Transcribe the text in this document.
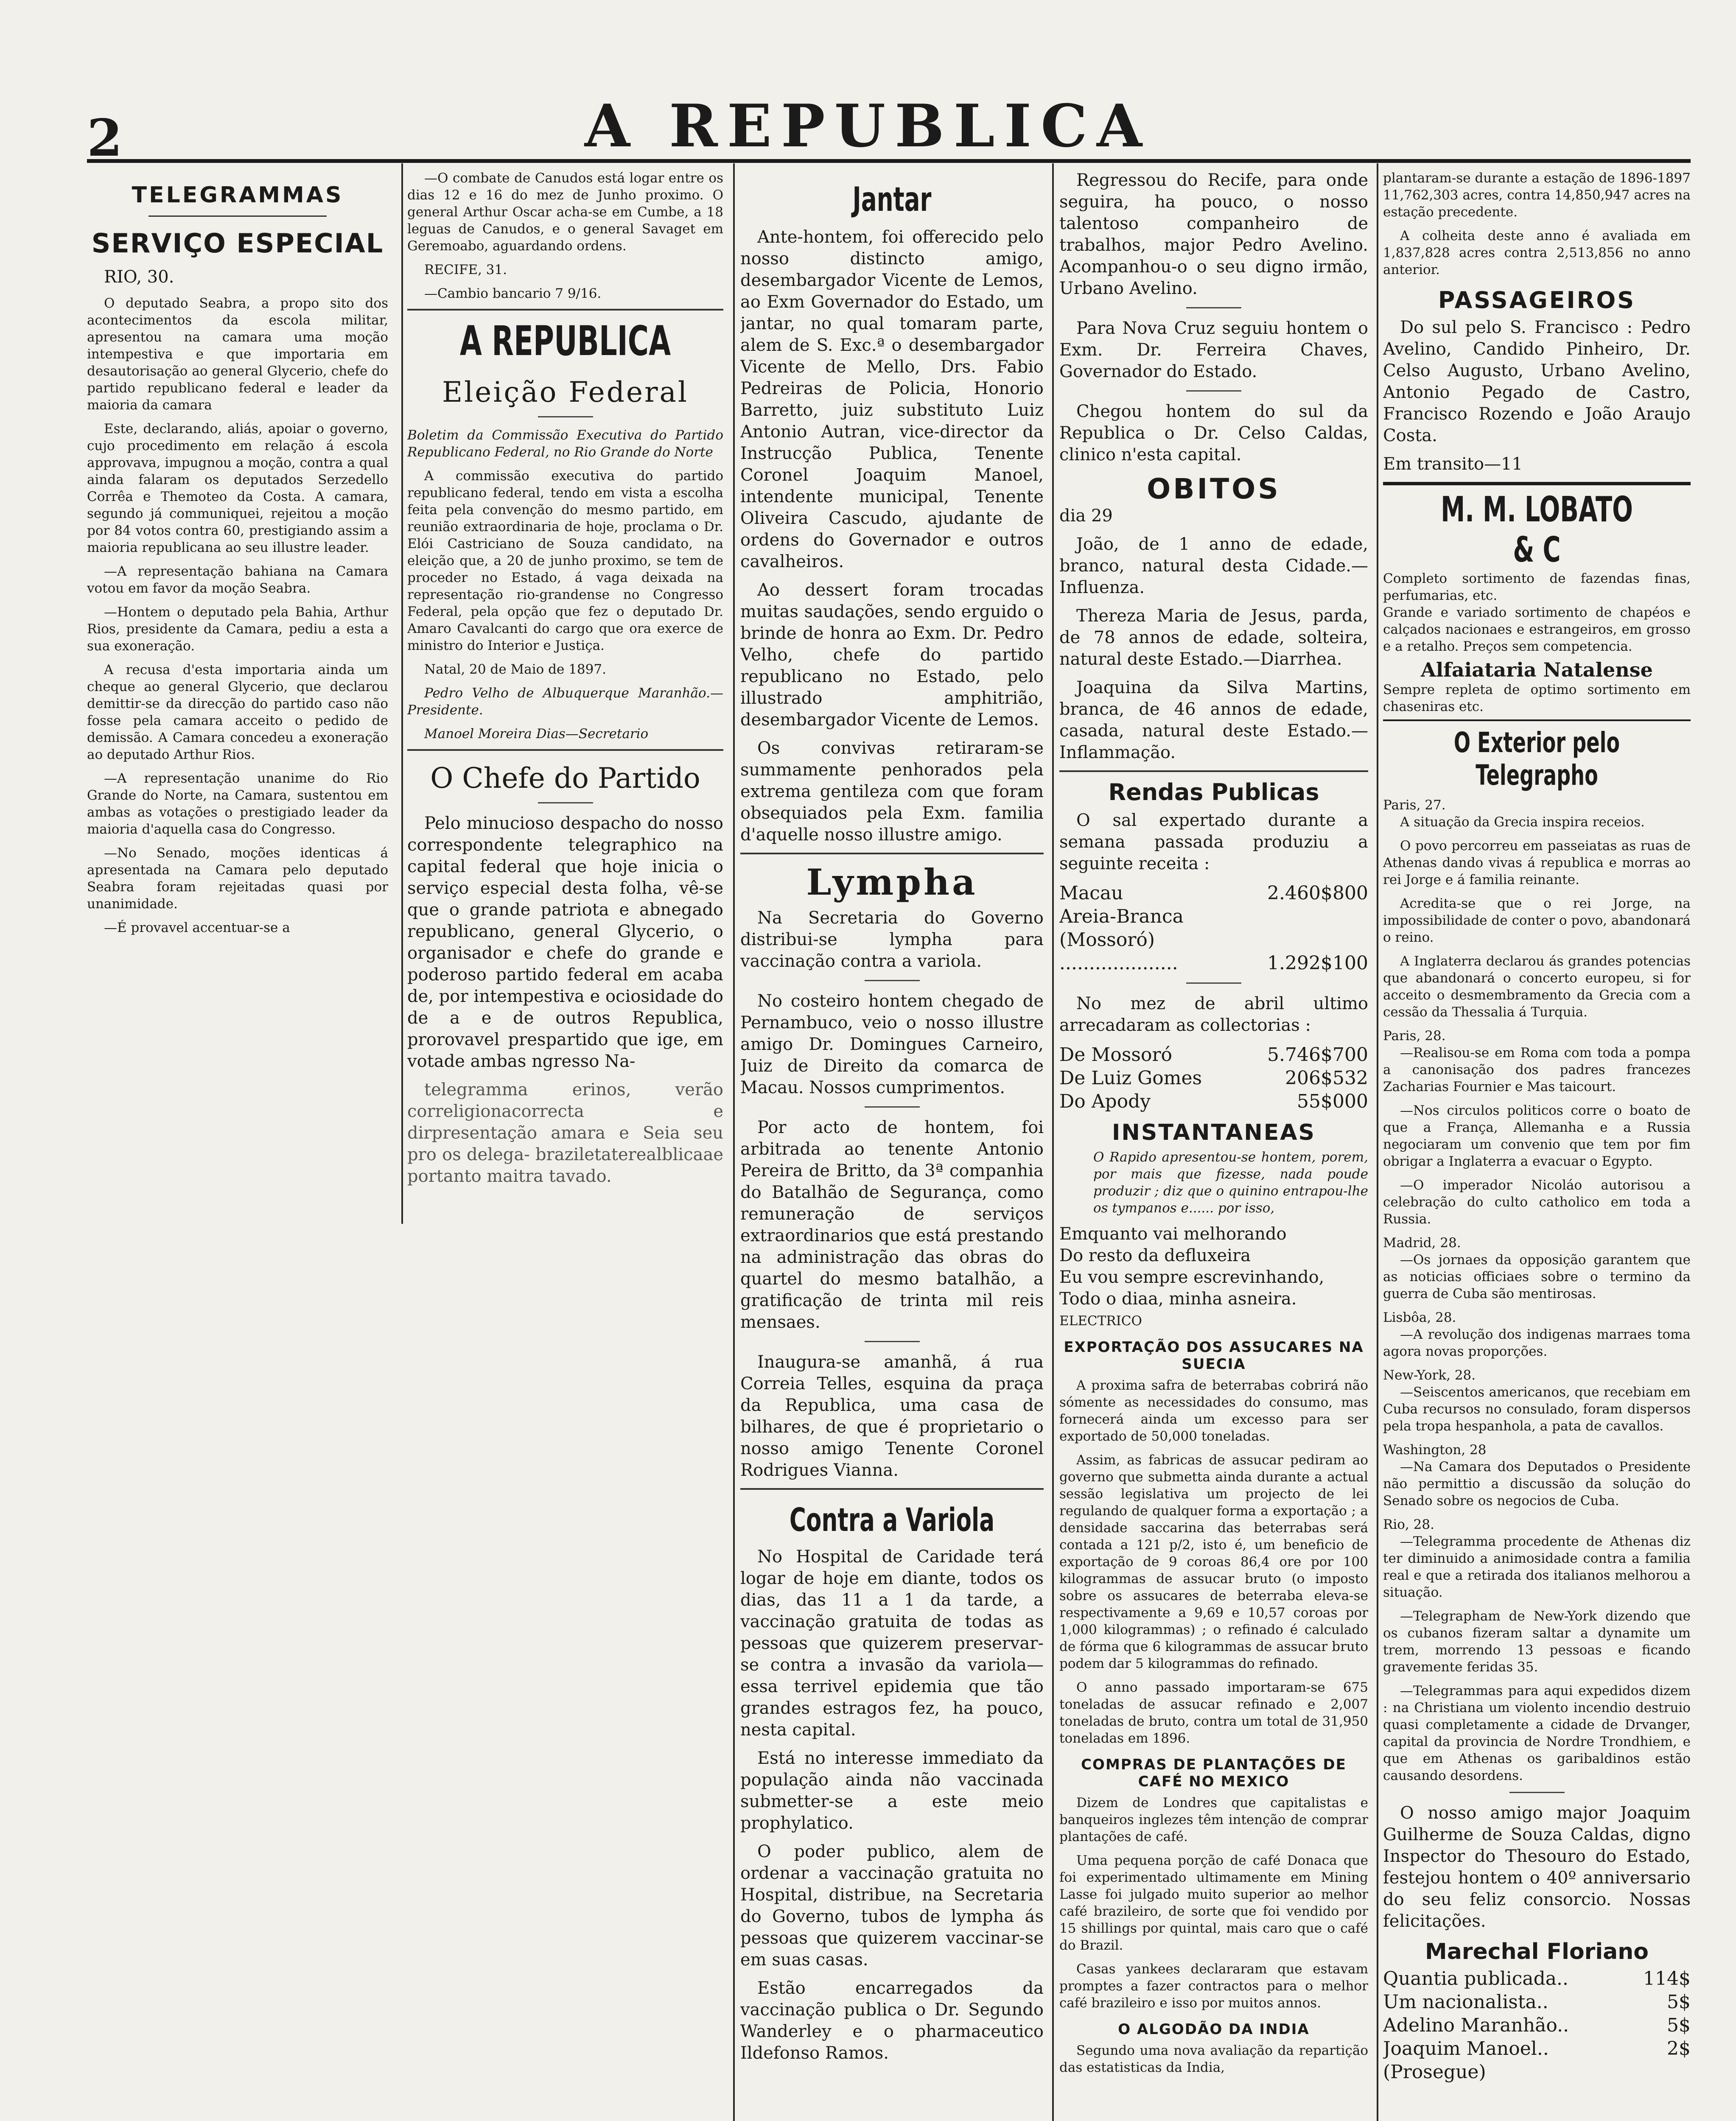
2	A REPUBLICA
TELEGRAMMAS
SERVIÇO ESPECIAL

RIO, 30.

O deputado Seabra, a propo sito dos acontecimentos da escola militar, apresentou na camara uma moção intempestiva e que importaria em desautorisação ao general Glycerio, chefe do partido republicano federal e leader da maioria da camara

Este, declarando, aliás, apoiar o governo, cujo procedimento em relação á escola approvava, impugnou a moção, contra a qual ainda falaram os deputados Serzedello Corrêa e Themoteo da Costa. A camara, segundo já communiquei, rejeitou a moção por 84 votos contra 60, prestigiando assim a maioria republicana ao seu illustre leader.

—A representação bahiana na Camara votou em favor da moção Seabra.

—Hontem o deputado pela Bahia, Arthur Rios, presidente da Camara, pediu a esta a sua exoneração.

A recusa d'esta importaria ainda um cheque ao general Glycerio, que declarou demittir-se da direcção do partido caso não fosse pela camara acceito o pedido de demissão. A Camara concedeu a exoneração ao deputado Arthur Rios.

—A representação unanime do Rio Grande do Norte, na Camara, sustentou em ambas as votações o prestigiado leader da maioria d'aquella casa do Congresso.

—No Senado, moções identicas á apresentada na Camara pelo deputado Seabra foram rejeitadas quasi por unanimidade.

—É provavel accentuar-se a

—O combate de Canudos está logar entre os dias 12 e 16 do mez de Junho proximo. O general Arthur Oscar acha-se em Cumbe, a 18 leguas de Canudos, e o general Savaget em Geremoabo, aguardando ordens.

RECIFE, 31.

—Cambio bancario 7 9/16.

A REPUBLICA
Eleição Federal

Boletim da Commissão Executiva do Partido Republicano Federal, no Rio Grande do Norte

A commissão executiva do partido republicano federal, tendo em vista a escolha feita pela convenção do mesmo partido, em reunião extraordinaria de hoje, proclama o Dr. Elói Castriciano de Souza candidato, na eleição que, a 20 de junho proximo, se tem de proceder no Estado, á vaga deixada na representação rio-grandense no Congresso Federal, pela opção que fez o deputado Dr. Amaro Cavalcanti do cargo que ora exerce de ministro do Interior e Justiça.

Natal, 20 de Maio de 1897.

Pedro Velho de Albuquerque Maranhão.—Presidente.

Manoel Moreira Dias—Secretario

O Chefe do Partido

Pelo minucioso despacho do nosso correspondente telegraphico na capital federal que hoje inicia o serviço especial desta folha, vê-se que o grande patriota e abnegado republicano, general Glycerio, o organisador e chefe do grande e poderoso partido federal em acaba de, por intempestiva e ociosidade do de a e de outros Republica, prorovavel prespartido que ige, em votade ambas ngresso Na-

telegramma erinos, verão correligionacorrecta e dirpresentação amara e Seia seu pro os delega- braziletaterealblicaae portanto maitra tavado.

Jantar

Ante-hontem, foi offerecido pelo nosso distincto amigo, desembargador Vicente de Lemos, ao Exm Governador do Estado, um jantar, no qual tomaram parte, alem de S. Exc.ª o desembargador Vicente de Mello, Drs. Fabio Pedreiras de Policia, Honorio Barretto, juiz substituto Luiz Antonio Autran, vice-director da Instrucção Publica, Tenente Coronel Joaquim Manoel, intendente municipal, Tenente Oliveira Cascudo, ajudante de ordens do Governador e outros cavalheiros.

Ao dessert foram trocadas muitas saudações, sendo erguido o brinde de honra ao Exm. Dr. Pedro Velho, chefe do partido republicano no Estado, pelo illustrado amphitrião, desembargador Vicente de Lemos.

Os convivas retiraram-se summamente penhorados pela extrema gentileza com que foram obsequiados pela Exm. familia d'aquelle nosso illustre amigo.

Lympha

Na Secretaria do Governo distribui-se lympha para vaccinação contra a variola.

No costeiro hontem chegado de Pernambuco, veio o nosso illustre amigo Dr. Domingues Carneiro, Juiz de Direito da comarca de Macau. Nossos cumprimentos.

Por acto de hontem, foi arbitrada ao tenente Antonio Pereira de Britto, da 3ª companhia do Batalhão de Segurança, como remuneração de serviços extraordinarios que está prestando na administração das obras do quartel do mesmo batalhão, a gratificação de trinta mil reis mensaes.

Inaugura-se amanhã, á rua Correia Telles, esquina da praça da Republica, uma casa de bilhares, de que é proprietario o nosso amigo Tenente Coronel Rodrigues Vianna.

Contra a Variola

No Hospital de Caridade terá logar de hoje em diante, todos os dias, das 11 a 1 da tarde, a vaccinação gratuita de todas as pessoas que quizerem preservar-se contra a invasão da variola—essa terrivel epidemia que tão grandes estragos fez, ha pouco, nesta capital.

Está no interesse immediato da população ainda não vaccinada submetter-se a este meio prophylatico.

O poder publico, alem de ordenar a vaccinação gratuita no Hospital, distribue, na Secretaria do Governo, tubos de lympha ás pessoas que quizerem vaccinar-se em suas casas.

Estão encarregados da vaccinação publica o Dr. Segundo Wanderley e o pharmaceutico Ildefonso Ramos.

Regressou do Recife, para onde seguira, ha pouco, o nosso talentoso companheiro de trabalhos, major Pedro Avelino. Acompanhou-o o seu digno irmão, Urbano Avelino.

Para Nova Cruz seguiu hontem o Exm. Dr. Ferreira Chaves, Governador do Estado.

Chegou hontem do sul da Republica o Dr. Celso Caldas, clinico n'esta capital.

OBITOS

dia 29

João, de 1 anno de edade, branco, natural desta Cidade.—Influenza.

Thereza Maria de Jesus, parda, de 78 annos de edade, solteira, natural deste Estado.—Diarrhea.

Joaquina da Silva Martins, branca, de 46 annos de edade, casada, natural deste Estado.—Inflammação.

Rendas Publicas

O sal expertado durante a semana passada produziu a seguinte receita :

Macau	2.460$800
Areia-Branca (Mossoró)	
....................	1.292$100

No mez de abril ultimo arrecadaram as collectorias :

De Mossoró	5.746$700
De Luiz Gomes	206$532
Do Apody	55$000
INSTANTANEAS

O Rapido apresentou-se hontem, porem, por mais que fizesse, nada poude produzir ; diz que o quinino entrapou-lhe os tympanos e...... por isso,

Emquanto vai melhorando

Do resto da defluxeira

Eu vou sempre escrevinhando,

Todo o diaa, minha asneira.

ELECTRICO

EXPORTAÇÃO DOS ASSUCARES NA SUECIA

A proxima safra de beterrabas cobrirá não sómente as necessidades do consumo, mas fornecerá ainda um excesso para ser exportado de 50,000 toneladas.

Assim, as fabricas de assucar pediram ao governo que submetta ainda durante a actual sessão legislativa um projecto de lei regulando de qualquer forma a exportação ; a densidade saccarina das beterrabas será contada a 121 p/2, isto é, um beneficio de exportação de 9 coroas 86,4 ore por 100 kilogrammas de assucar bruto (o imposto sobre os assucares de beterraba eleva-se respectivamente a 9,69 e 10,57 coroas por 1,000 kilogrammas) ; o refinado é calculado de fórma que 6 kilogrammas de assucar bruto podem dar 5 kilogrammas do refinado.

O anno passado importaram-se 675 toneladas de assucar refinado e 2,007 toneladas de bruto, contra um total de 31,950 toneladas em 1896.

COMPRAS DE PLANTAÇÕES DE CAFÉ NO MEXICO

Dizem de Londres que capitalistas e banqueiros inglezes têm intenção de comprar plantações de café.

Uma pequena porção de café Donaca que foi experimentado ultimamente em Mining Lasse foi julgado muito superior ao melhor café brazileiro, de sorte que foi vendido por 15 shillings por quintal, mais caro que o café do Brazil.

Casas yankees declararam que estavam promptes a fazer contractos para o melhor café brazileiro e isso por muitos annos.

O ALGODÃO DA INDIA

Segundo uma nova avaliação da repartição das estatisticas da India,

plantaram-se durante a estação de 1896-1897 11,762,303 acres, contra 14,850,947 acres na estação precedente.

A colheita deste anno é avaliada em 1,837,828 acres contra 2,513,856 no anno anterior.

PASSAGEIROS

Do sul pelo S. Francisco : Pedro Avelino, Candido Pinheiro, Dr. Celso Augusto, Urbano Avelino, Antonio Pegado de Castro, Francisco Rozendo e João Araujo Costa.

Em transito—11

M. M. LOBATO & C

Completo sortimento de fazendas finas, perfumarias, etc.

Grande e variado sortimento de chapéos e calçados nacionaes e estrangeiros, em grosso e a retalho. Preços sem competencia.

Alfaiataria Natalense

Sempre repleta de optimo sortimento em chaseniras etc.

O Exterior pelo Telegrapho

Paris, 27.

A situação da Grecia inspira receios.

O povo percorreu em passeiatas as ruas de Athenas dando vivas á republica e morras ao rei Jorge e á familia reinante.

Acredita-se que o rei Jorge, na impossibilidade de conter o povo, abandonará o reino.

A Inglaterra declarou ás grandes potencias que abandonará o concerto europeu, si for acceito o desmembramento da Grecia com a cessão da Thessalia á Turquia.

Paris, 28.

—Realisou-se em Roma com toda a pompa a canonisação dos padres francezes Zacharias Fournier e Mas taicourt.

—Nos circulos politicos corre o boato de que a França, Allemanha e a Russia negociaram um convenio que tem por fim obrigar a Inglaterra a evacuar o Egypto.

—O imperador Nicoláo autorisou a celebração do culto catholico em toda a Russia.

Madrid, 28.

—Os jornaes da opposição garantem que as noticias officiaes sobre o termino da guerra de Cuba são mentirosas.

Lisbôa, 28.

—A revolução dos indigenas marraes toma agora novas proporções.

New-York, 28.

—Seiscentos americanos, que recebiam em Cuba recursos no consulado, foram dispersos pela tropa hespanhola, a pata de cavallos.

Washington, 28

—Na Camara dos Deputados o Presidente não permittio a discussão da solução do Senado sobre os negocios de Cuba.

Rio, 28.

—Telegramma procedente de Athenas diz ter diminuido a animosidade contra a familia real e que a retirada dos italianos melhorou a situação.

—Telegrapham de New-York dizendo que os cubanos fizeram saltar a dynamite um trem, morrendo 13 pessoas e ficando gravemente feridas 35.

—Telegrammas para aqui expedidos dizem : na Christiana um violento incendio destruio quasi completamente a cidade de Drvanger, capital da provincia de Nordre Trondhiem, e que em Athenas os garibaldinos estão causando desordens.

O nosso amigo major Joaquim Guilherme de Souza Caldas, digno Inspector do Thesouro do Estado, festejou hontem o 40º anniversario do seu feliz consorcio. Nossas felicitações.

Marechal Floriano
Quantia publicada..	114$
Um nacionalista..	5$
Adelino Maranhão..	5$
Joaquim Manoel..	2$
(Prosegue)	
